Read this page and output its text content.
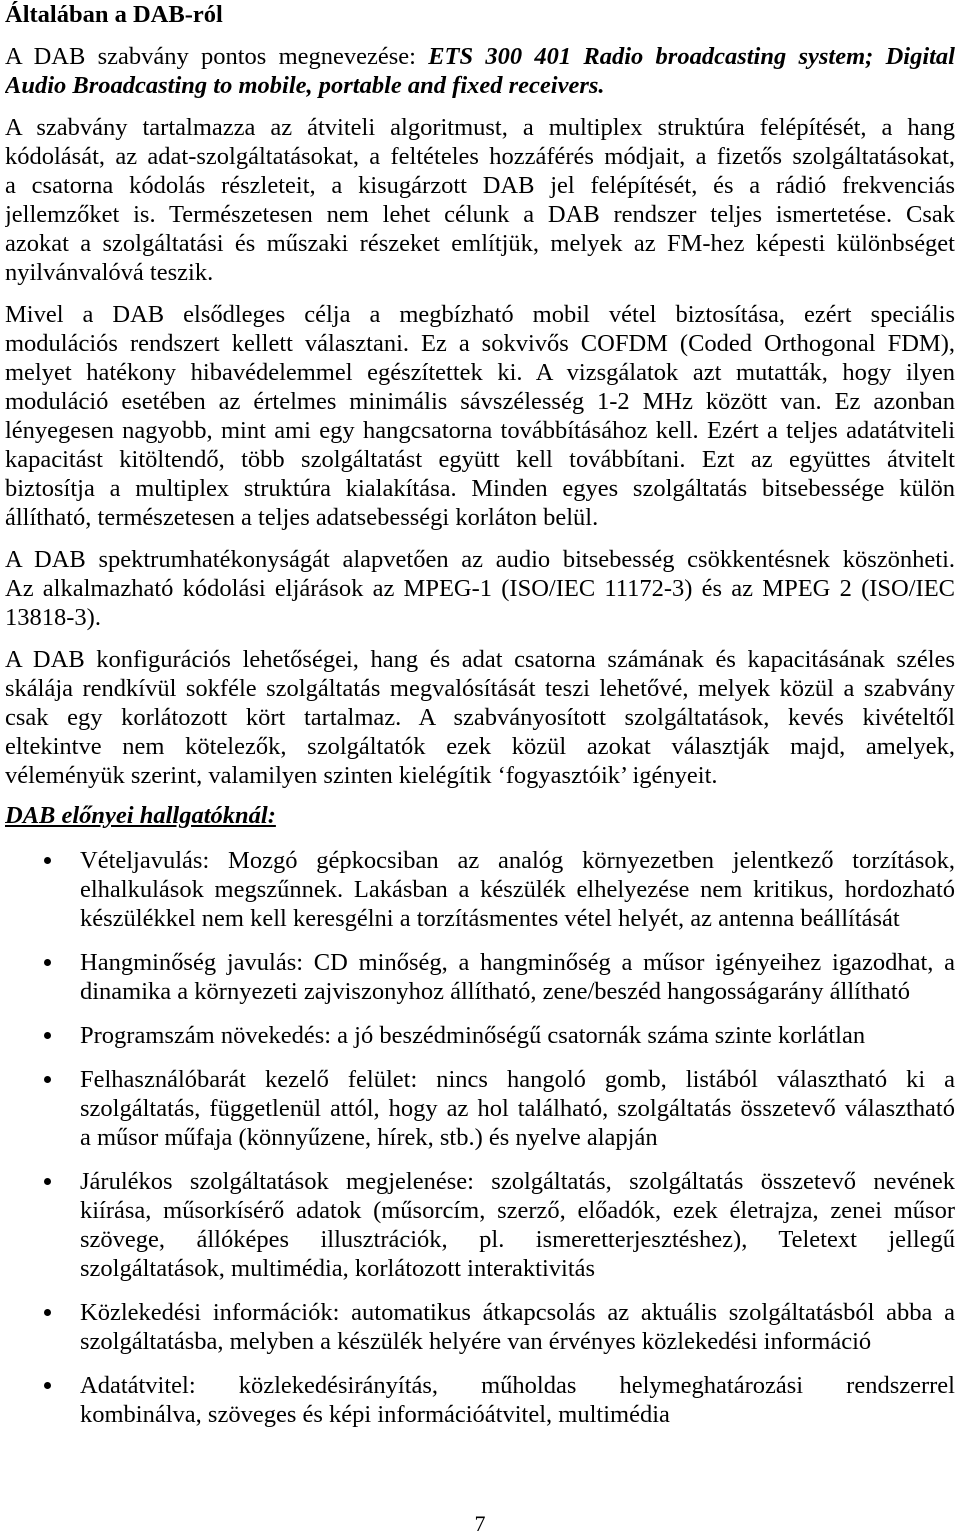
Általában a DAB-ról
A DAB szabvány pontos megnevezése: ETS 300 401 Radio broadcasting system; Digital
Audio Broadcasting to mobile, portable and fixed receivers.
A szabvány tartalmazza az átviteli algoritmust, a multiplex struktúra felépítését, a hang
kódolását, az adat-szolgáltatásokat, a feltételes hozzáférés módjait, a fizetős szolgáltatásokat,
a csatorna kódolás részleteit, a kisugárzott DAB jel felépítését, és a rádió frekvenciás
jellemzőket is. Természetesen nem lehet célunk a DAB rendszer teljes ismertetése. Csak
azokat a szolgáltatási és műszaki részeket említjük, melyek az FM-hez képesti különbséget
nyilvánvalóvá teszik.
Mivel a DAB elsődleges célja a megbízható mobil vétel biztosítása, ezért speciális
modulációs rendszert kellett választani. Ez a sokvivős COFDM (Coded Orthogonal FDM),
melyet hatékony hibavédelemmel egészítettek ki. A vizsgálatok azt mutatták, hogy ilyen
moduláció esetében az értelmes minimális sávszélesség 1-2 MHz között van. Ez azonban
lényegesen nagyobb, mint ami egy hangcsatorna továbbításához kell. Ezért a teljes adatátviteli
kapacitást kitöltendő, több szolgáltatást együtt kell továbbítani. Ezt az együttes átvitelt
biztosítja a multiplex struktúra kialakítása. Minden egyes szolgáltatás bitsebessége külön
állítható, természetesen a teljes adatsebességi korláton belül.
A DAB spektrumhatékonyságát alapvetően az audio bitsebesség csökkentésnek köszönheti.
Az alkalmazható kódolási eljárások az MPEG-1 (ISO/IEC 11172-3) és az MPEG 2 (ISO/IEC
13818-3).
A DAB konfigurációs lehetőségei, hang és adat csatorna számának és kapacitásának széles
skálája rendkívül sokféle szolgáltatás megvalósítását teszi lehetővé, melyek közül a szabvány
csak egy korlátozott kört tartalmaz. A szabványosított szolgáltatások, kevés kivételtől
eltekintve nem kötelezők, szolgáltatók ezek közül azokat választják majd, amelyek,
véleményük szerint, valamilyen szinten kielégítik ‘fogyasztóik’ igényeit.
DAB előnyei hallgatóknál:
Vételjavulás: Mozgó gépkocsiban az analóg környezetben jelentkező torzítások,
elhalkulások megszűnnek. Lakásban a készülék elhelyezése nem kritikus, hordozható
készülékkel nem kell keresgélni a torzításmentes vétel helyét, az antenna beállítását
Hangminőség javulás: CD minőség, a hangminőség a műsor igényeihez igazodhat, a
dinamika a környezeti zajviszonyhoz állítható, zene/beszéd hangosságarány állítható
Programszám növekedés: a jó beszédminőségű csatornák száma szinte korlátlan
Felhasználóbarát kezelő felület: nincs hangoló gomb, listából választható ki a
szolgáltatás, függetlenül attól, hogy az hol található, szolgáltatás összetevő választható
a műsor műfaja (könnyűzene, hírek, stb.) és nyelve alapján
Járulékos szolgáltatások megjelenése: szolgáltatás, szolgáltatás összetevő nevének
kiírása, műsorkísérő adatok (műsorcím, szerző, előadók, ezek életrajza, zenei műsor
szövege, állóképes illusztrációk, pl. ismeretterjesztéshez), Teletext jellegű
szolgáltatások, multimédia, korlátozott interaktivitás
Közlekedési információk: automatikus átkapcsolás az aktuális szolgáltatásból abba a
szolgáltatásba, melyben a készülék helyére van érvényes közlekedési információ
Adatátvitel: közlekedésirányítás, műholdas helymeghatározási rendszerrel
kombinálva, szöveges és képi információátvitel, multimédia
7
